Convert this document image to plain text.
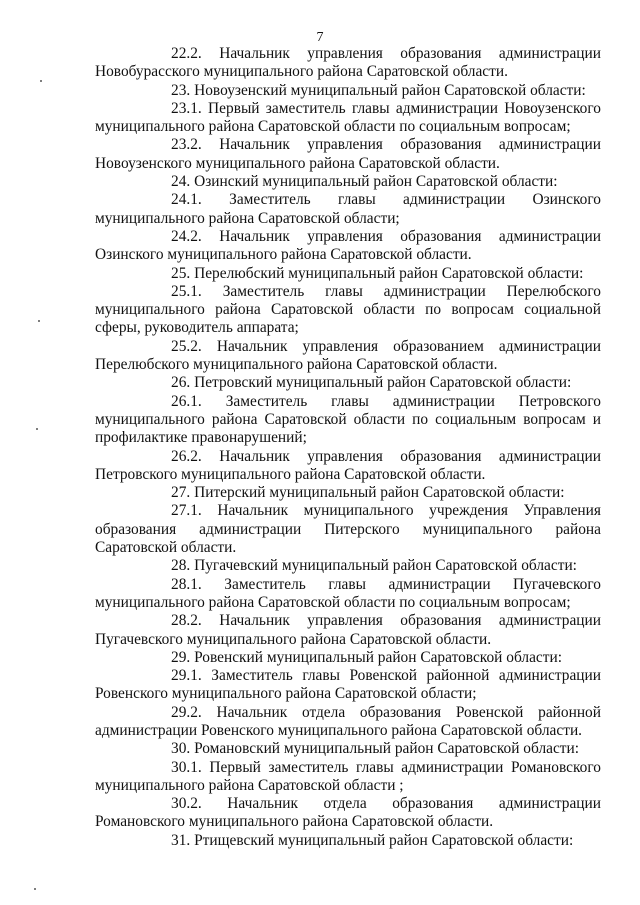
7

22.2. Начальник управления образования администрации Новобурасского муниципального района Саратовской области.

23. Новоузенский муниципальный район Саратовской области:

23.1. Первый заместитель главы администрации Новоузенского муниципального района Саратовской области по социальным вопросам;

23.2. Начальник управления образования администрации Новоузенского муниципального района Саратовской области.

24. Озинский муниципальный район Саратовской области:

24.1. Заместитель главы администрации Озинского муниципального района Саратовской области;

24.2. Начальник управления образования администрации Озинского муниципального района Саратовской области.

25. Перелюбский муниципальный район Саратовской области:

25.1. Заместитель главы администрации Перелюбского муниципального района Саратовской области по вопросам социальной сферы, руководитель аппарата;

25.2. Начальник управления образованием администрации Перелюбского муниципального района Саратовской области.

26. Петровский муниципальный район Саратовской области:

26.1. Заместитель главы администрации Петровского муниципального района Саратовской области по социальным вопросам и профилактике правонарушений;

26.2. Начальник управления образования администрации Петровского муниципального района Саратовской области.

27. Питерский муниципальный район Саратовской области:

27.1. Начальник муниципального учреждения Управления образования администрации Питерского муниципального района Саратовской области.

28. Пугачевский муниципальный район Саратовской области:

28.1. Заместитель главы администрации Пугачевского муниципального района Саратовской области по социальным вопросам;

28.2. Начальник управления образования администрации Пугачевского муниципального района Саратовской области.

29. Ровенский муниципальный район Саратовской области:

29.1. Заместитель главы Ровенской районной администрации Ровенского муниципального района Саратовской области;

29.2. Начальник отдела образования Ровенской районной администрации Ровенского муниципального района Саратовской области.

30. Романовский муниципальный район Саратовской области:

30.1. Первый заместитель главы администрации Романовского муниципального района Саратовской области ;

30.2. Начальник отдела образования администрации Романовского муниципального района Саратовской области.

31. Ртищевский муниципальный район Саратовской области:
